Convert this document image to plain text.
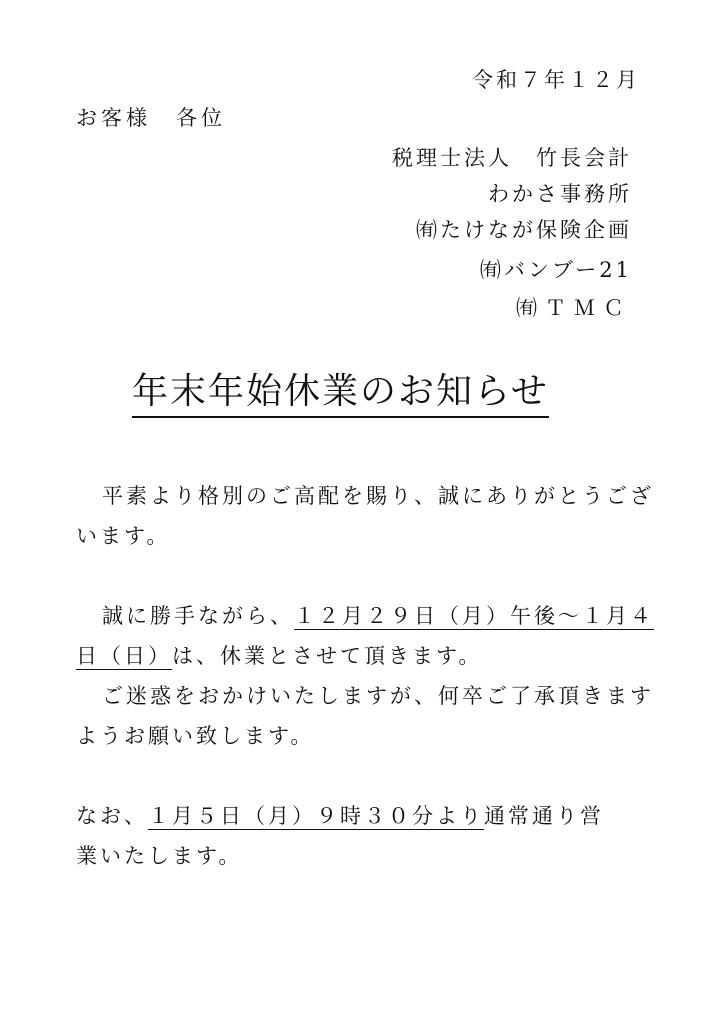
令和７年１２月
お客様　各位
税理士法人　竹長会計
わかさ事務所
㈲たけなが保険企画
㈲バンブー21
㈲ＴＭＣ
年末年始休業のお知らせ
平素より格別のご高配を賜り、誠にありがとうござ
います。
誠に勝手ながら、１２月２９日（月）午後～１月４
日（日）は、休業とさせて頂きます。
ご迷惑をおかけいたしますが、何卒ご了承頂きます
ようお願い致します。
なお、１月５日（月）９時３０分より通常通り営
業いたします。
